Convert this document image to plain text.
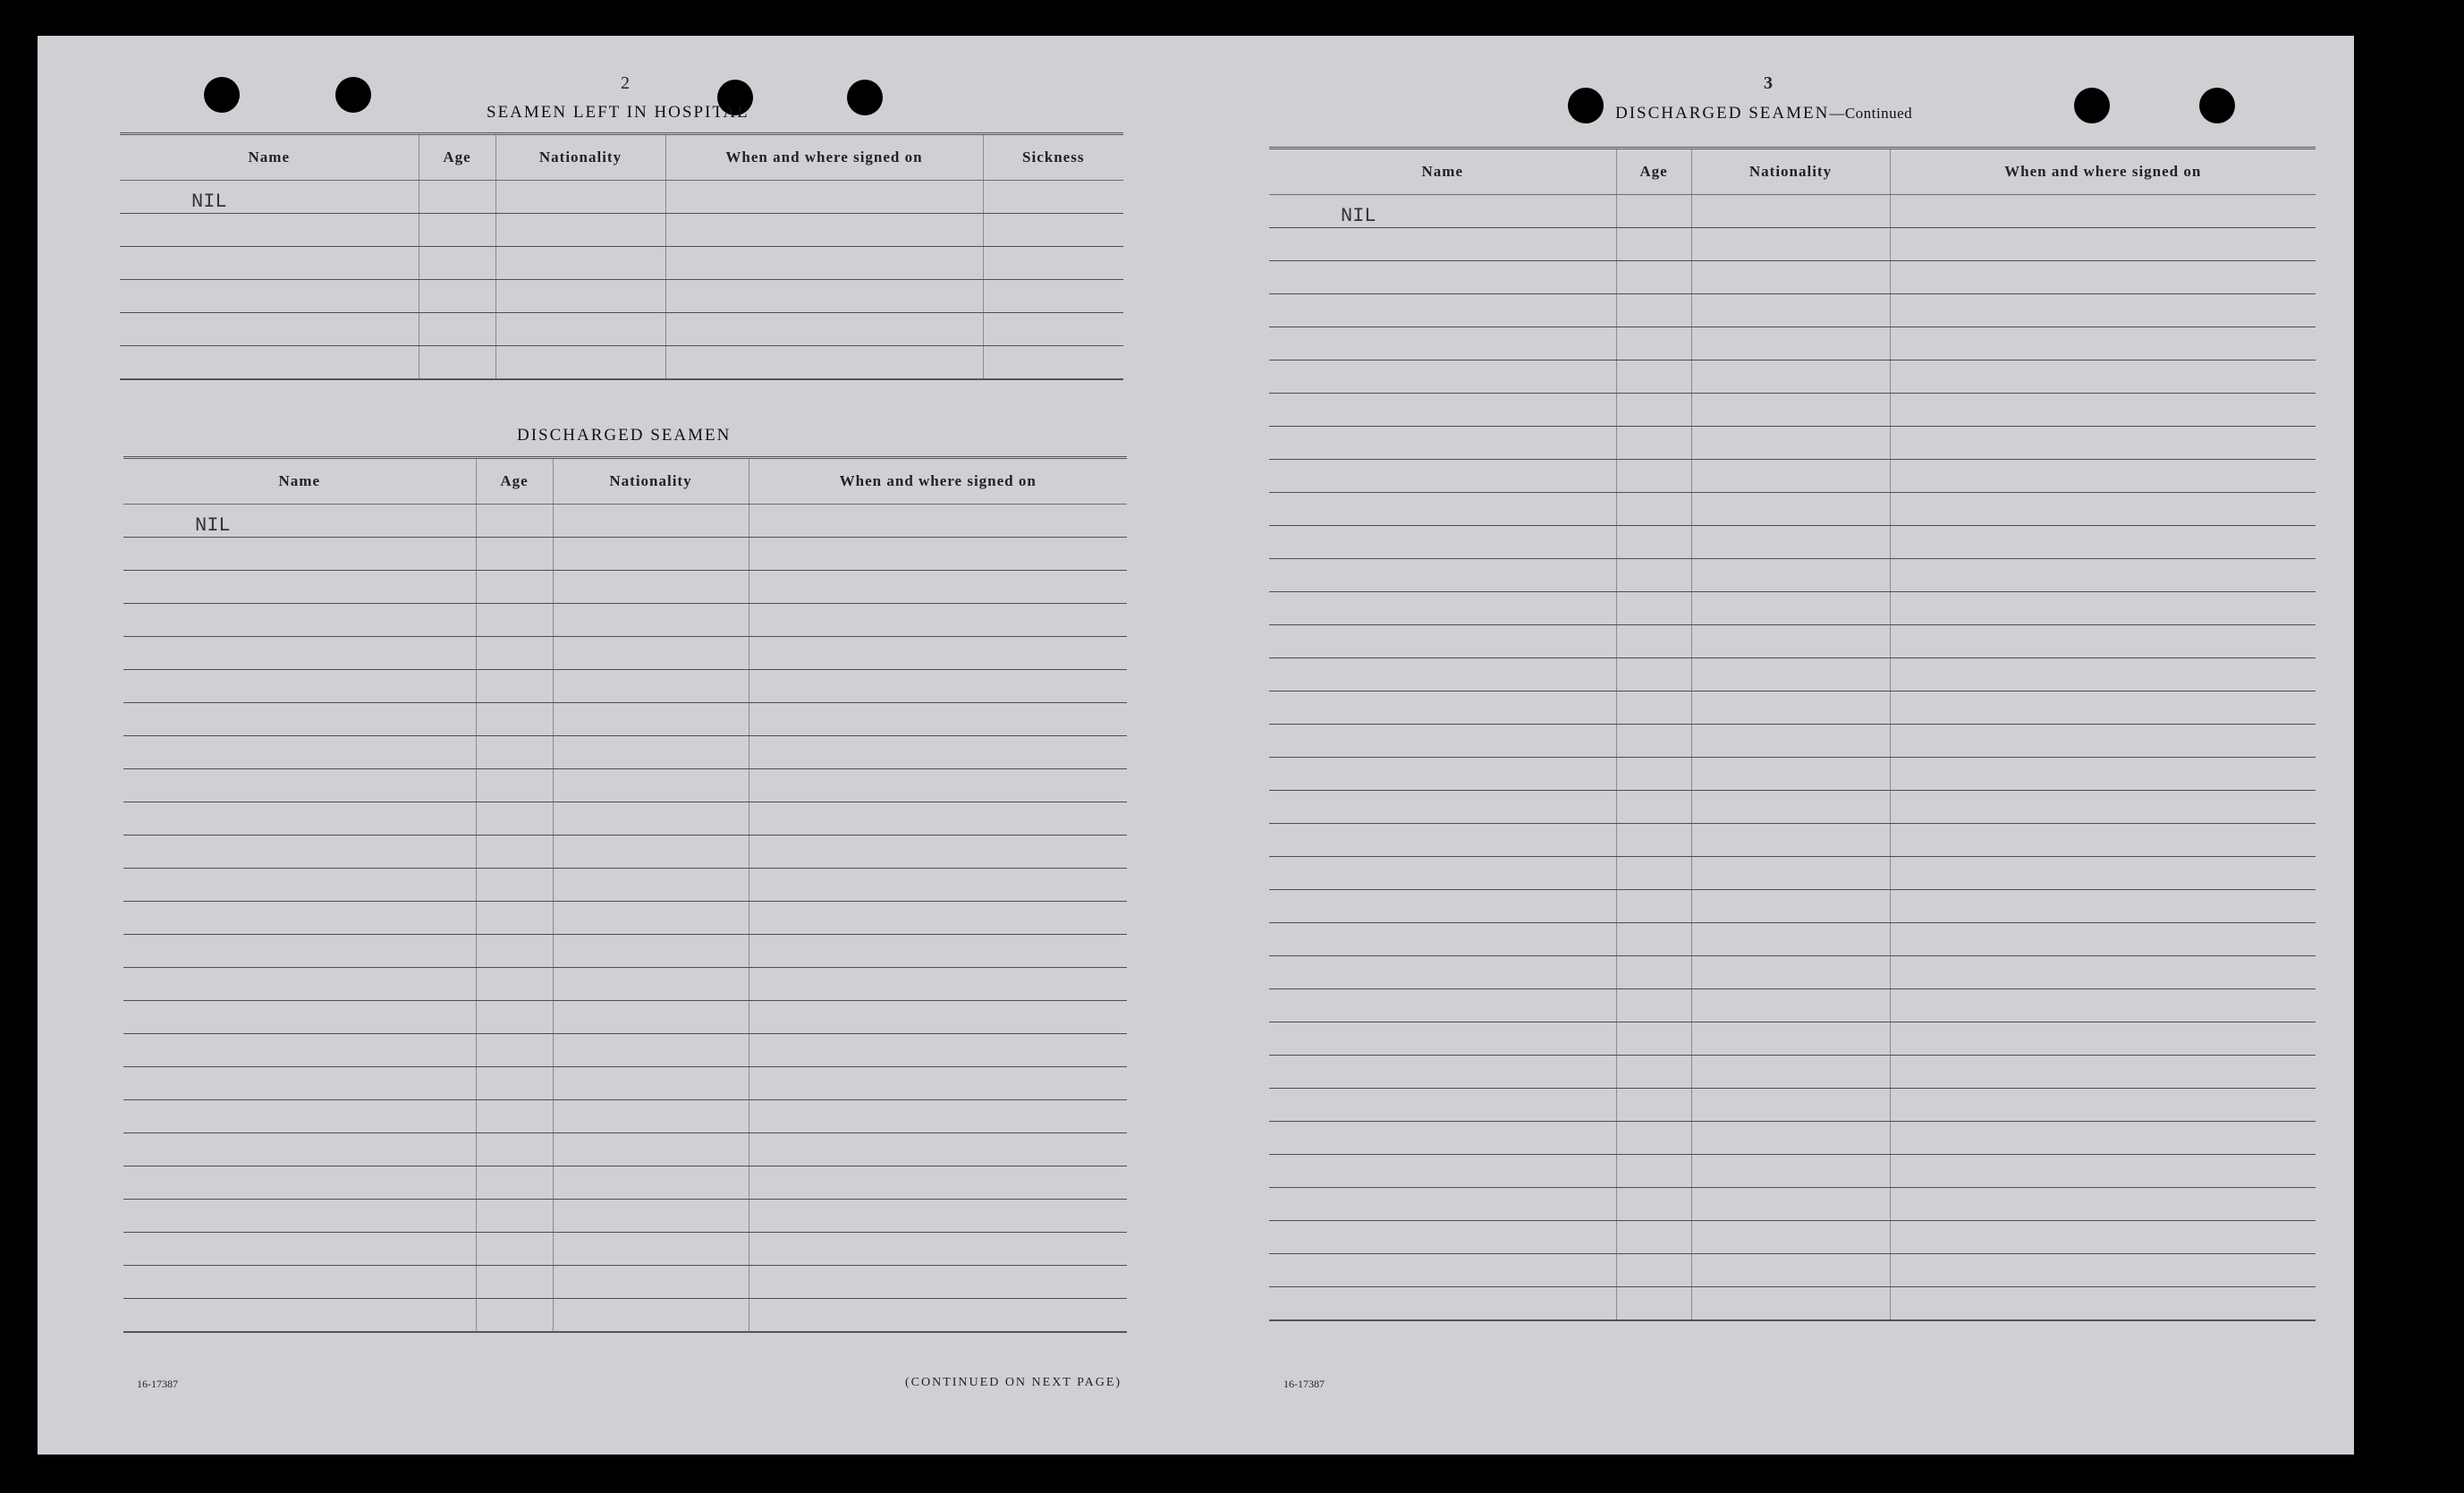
2
SEAMEN LEFT IN HOSPITAL
Name	Age	Nationality	When and where signed on	Sickness
NIL				

DISCHARGED SEAMEN
Name	Age	Nationality	When and where signed on
NIL			

16-17387	(CONTINUED ON NEXT PAGE)
3
DISCHARGED SEAMEN—Continued
Name	Age	Nationality	When and where signed on
NIL			

16-17387
